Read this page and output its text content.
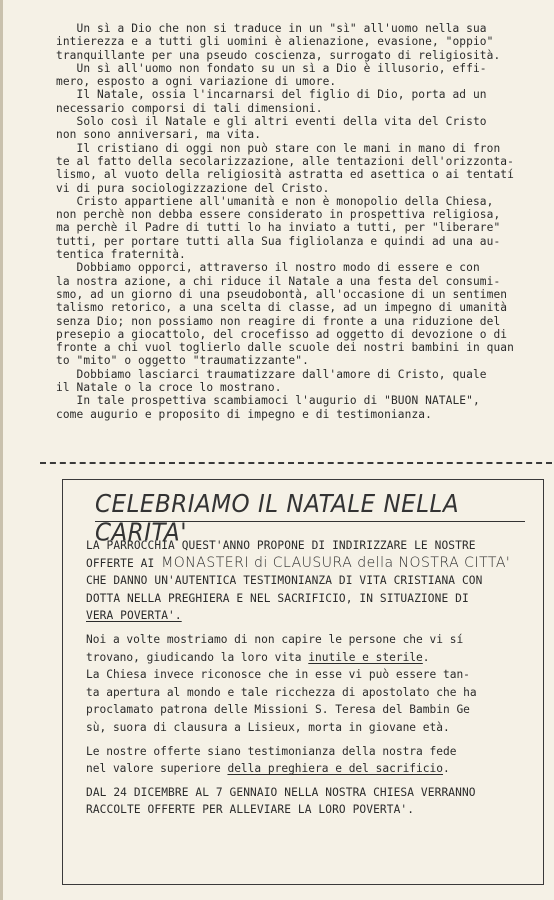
Un sì a Dio che non si traduce in un "sì" all'uomo nella sua

intierezza e a tutti gli uomini è alienazione, evasione, "oppio"

tranquillante per una pseudo coscienza, surrogato di religiosità.

Un sì all'uomo non fondato su un sì a Dio è illusorio, effi-

mero, esposto a ogni variazione di umore.

Il Natale, ossia l'incarnarsi del figlio di Dio, porta ad un

necessario comporsi di tali dimensioni.

Solo così il Natale e gli altri eventi della vita del Cristo

non sono anniversari, ma vita.

Il cristiano di oggi non può stare con le mani in mano di fron

te al fatto della secolarizzazione, alle tentazioni dell'orizzonta-

lismo, al vuoto della religiosità astratta ed asettica o ai tentatí

vi di pura sociologizzazione del Cristo.

Cristo appartiene all'umanità e non è monopolio della Chiesa,

non perchè non debba essere considerato in prospettiva religiosa,

ma perchè il Padre di tutti lo ha inviato a tutti, per "liberare"

tutti, per portare tutti alla Sua figliolanza e quindi ad una au-

tentica fraternità.

Dobbiamo opporci, attraverso il nostro modo di essere e con

la nostra azione, a chi riduce il Natale a una festa del consumi-

smo, ad un giorno di una pseudobontà, all'occasione di un sentimen

talismo retorico, a una scelta di classe, ad un impegno di umanità

senza Dio; non possiamo non reagire di fronte a una riduzione del

presepio a giocattolo, del crocefisso ad oggetto di devozione o di

fronte a chi vuol toglierlo dalle scuole dei nostri bambini in quan

to "mito" o oggetto "traumatizzante".

Dobbiamo lasciarci traumatizzare dall'amore di Cristo, quale

il Natale o la croce lo mostrano.

In tale prospettiva scambiamoci l'augurio di "BUON NATALE",

come augurio e proposito di impegno e di testimonianza.

CELEBRIAMO IL NATALE NELLA CARITA'

LA PARROCCHIA QUEST'ANNO PROPONE DI INDIRIZZARE LE NOSTRE
OFFERTE AI MONASTERI di CLAUSURA della NOSTRA CITTA'
CHE DANNO UN'AUTENTICA TESTIMONIANZA DI VITA CRISTIANA CON
DOTTA NELLA PREGHIERA E NEL SACRIFICIO, IN SITUAZIONE DI
VERA POVERTA'.

Noi a volte mostriamo di non capire le persone che vi sí
trovano, giudicando la loro vita inutile e sterile.
La Chiesa invece riconosce che in esse vi può essere tan-
ta apertura al mondo e tale ricchezza di apostolato che ha
proclamato patrona delle Missioni S. Teresa del Bambin Ge
sù, suora di clausura a Lisieux, morta in giovane età.

Le nostre offerte siano testimonianza della nostra fede
nel valore superiore della preghiera e del sacrificio.

DAL 24 DICEMBRE AL 7 GENNAIO NELLA NOSTRA CHIESA VERRANNO
RACCOLTE OFFERTE PER ALLEVIARE LA LORO POVERTA'.
